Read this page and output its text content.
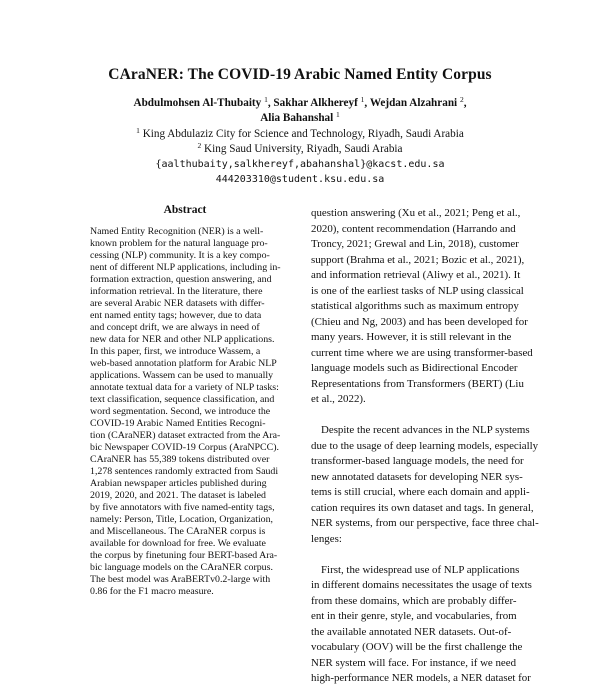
CAraNER: The COVID-19 Arabic Named Entity Corpus
Abdulmohsen Al-Thubaity $^1$, Sakhar Alkhereyf $^1$, Wejdan Alzahrani $^2$,
Alia Bahanshal $^1$
$^1$ King Abdulaziz City for Science and Technology, Riyadh, Saudi Arabia
$^2$ King Saud University, Riyadh, Saudi Arabia
{aalthubaity,salkhereyf,abahanshal}@kacst.edu.sa
444203310@student.ksu.edu.sa
Abstract
Named Entity Recognition (NER) is a well-
known problem for the natural language pro-
cessing (NLP) community. It is a key compo-
nent of different NLP applications, including in-
formation extraction, question answering, and
information retrieval. In the literature, there
are several Arabic NER datasets with differ-
ent named entity tags; however, due to data
and concept drift, we are always in need of
new data for NER and other NLP applications.
In this paper, first, we introduce Wassem, a
web-based annotation platform for Arabic NLP
applications. Wassem can be used to manually
annotate textual data for a variety of NLP tasks:
text classification, sequence classification, and
word segmentation. Second, we introduce the
COVID-19 Arabic Named Entities Recogni-
tion (CAraNER) dataset extracted from the Ara-
bic Newspaper COVID-19 Corpus (AraNPCC).
CAraNER has 55,389 tokens distributed over
1,278 sentences randomly extracted from Saudi
Arabian newspaper articles published during
2019, 2020, and 2021. The dataset is labeled
by five annotators with five named-entity tags,
namely: Person, Title, Location, Organization,
and Miscellaneous. The CAraNER corpus is
available for download for free. We evaluate
the corpus by finetuning four BERT-based Ara-
bic language models on the CAraNER corpus.
The best model was AraBERTv0.2-large with
0.86 for the F1 macro measure.
question answering (Xu et al., 2021; Peng et al.,
2020), content recommendation (Harrando and
Troncy, 2021; Grewal and Lin, 2018), customer
support (Brahma et al., 2021; Bozic et al., 2021),
and information retrieval (Aliwy et al., 2021). It
is one of the earliest tasks of NLP using classical
statistical algorithms such as maximum entropy
(Chieu and Ng, 2003) and has been developed for
many years. However, it is still relevant in the
current time where we are using transformer-based
language models such as Bidirectional Encoder
Representations from Transformers (BERT) (Liu
et al., 2022).
Despite the recent advances in the NLP systems
due to the usage of deep learning models, especially
transformer-based language models, the need for
new annotated datasets for developing NER sys-
tems is still crucial, where each domain and appli-
cation requires its own dataset and tags. In general,
NER systems, from our perspective, face three chal-
lenges:
First, the widespread use of NLP applications
in different domains necessitates the usage of texts
from these domains, which are probably differ-
ent in their genre, style, and vocabularies, from
the available annotated NER datasets. Out-of-
vocabulary (OOV) will be the first challenge the
NER system will face. For instance, if we need
high-performance NER models, a NER dataset for
